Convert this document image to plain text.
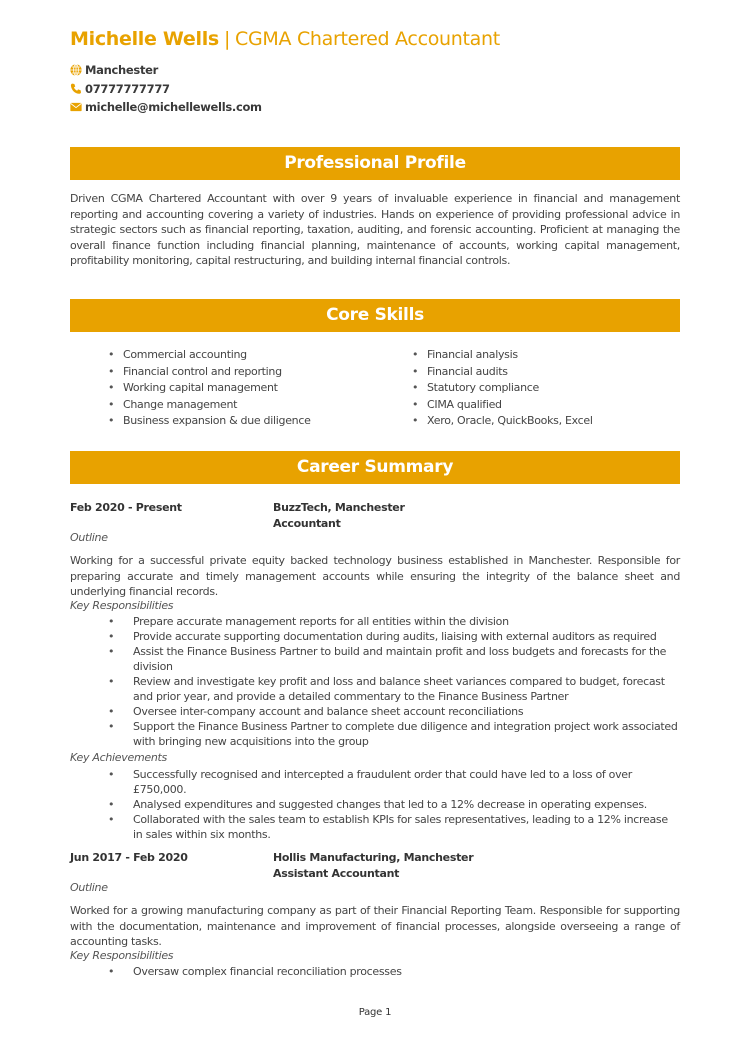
Michelle Wells | CGMA Chartered Accountant
Manchester
07777777777
michelle@michellewells.com
Professional Profile
Driven CGMA Chartered Accountant with over 9 years of invaluable experience in financial and management reporting and accounting covering a variety of industries. Hands on experience of providing professional advice in strategic sectors such as financial reporting, taxation, auditing, and forensic accounting. Proficient at managing the overall finance function including financial planning, maintenance of accounts, working capital management, profitability monitoring, capital restructuring, and building internal financial controls.
Core Skills
• Commercial accounting
• Financial control and reporting
• Working capital management
• Change management
• Business expansion & due diligence
• Financial analysis
• Financial audits
• Statutory compliance
• CIMA qualified
• Xero, Oracle, QuickBooks, Excel
Career Summary
Feb 2020 - Present	BuzzTech, Manchester
Accountant
Outline
Working for a successful private equity backed technology business established in Manchester. Responsible for preparing accurate and timely management accounts while ensuring the integrity of the balance sheet and underlying financial records.
Key Responsibilities
• Prepare accurate management reports for all entities within the division
• Provide accurate supporting documentation during audits, liaising with external auditors as required
• Assist the Finance Business Partner to build and maintain profit and loss budgets and forecasts for the division
• Review and investigate key profit and loss and balance sheet variances compared to budget, forecast and prior year, and provide a detailed commentary to the Finance Business Partner
• Oversee inter-company account and balance sheet account reconciliations
• Support the Finance Business Partner to complete due diligence and integration project work associated with bringing new acquisitions into the group
Key Achievements
• Successfully recognised and intercepted a fraudulent order that could have led to a loss of over £750,000.
• Analysed expenditures and suggested changes that led to a 12% decrease in operating expenses.
• Collaborated with the sales team to establish KPIs for sales representatives, leading to a 12% increase in sales within six months.
Jun 2017 - Feb 2020	Hollis Manufacturing, Manchester
Assistant Accountant
Outline
Worked for a growing manufacturing company as part of their Financial Reporting Team. Responsible for supporting with the documentation, maintenance and improvement of financial processes, alongside overseeing a range of accounting tasks.
Key Responsibilities
• Oversaw complex financial reconciliation processes
Page 1
